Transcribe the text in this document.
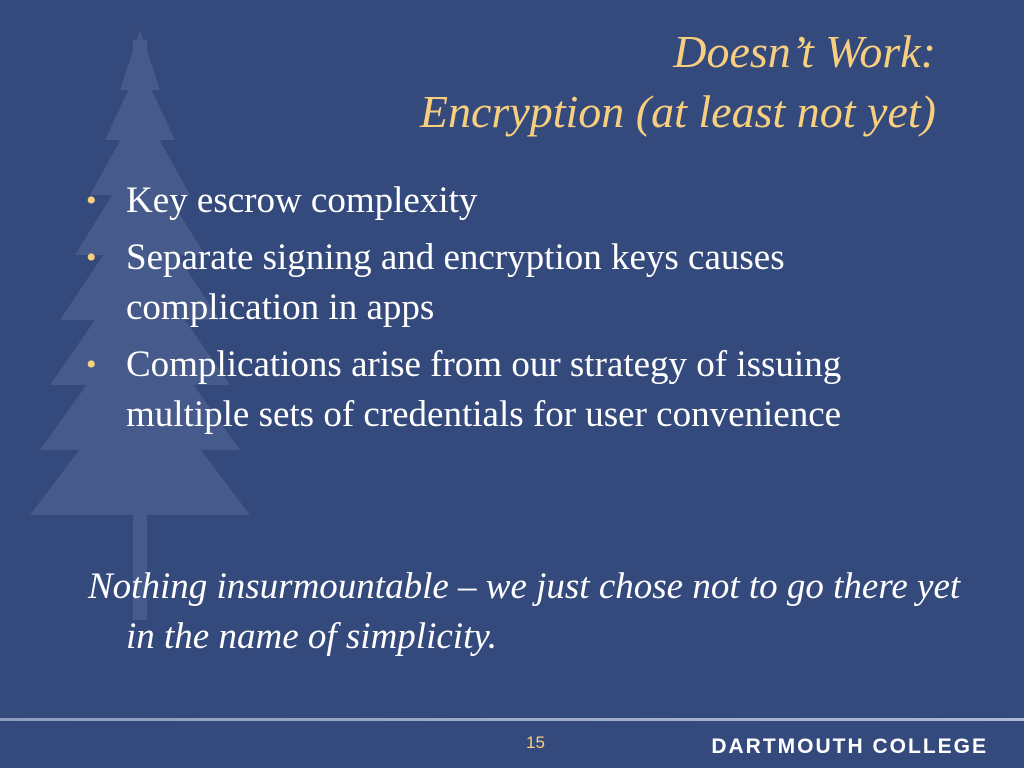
Doesn’t Work:
Encryption (at least not yet)
• Key escrow complexity
• Separate signing and encryption keys causes complication in apps
• Complications arise from our strategy of issuing multiple sets of credentials for user convenience

Nothing insurmountable – we just chose not to go there yet in the name of simplicity.

15	DARTMOUTH COLLEGE
